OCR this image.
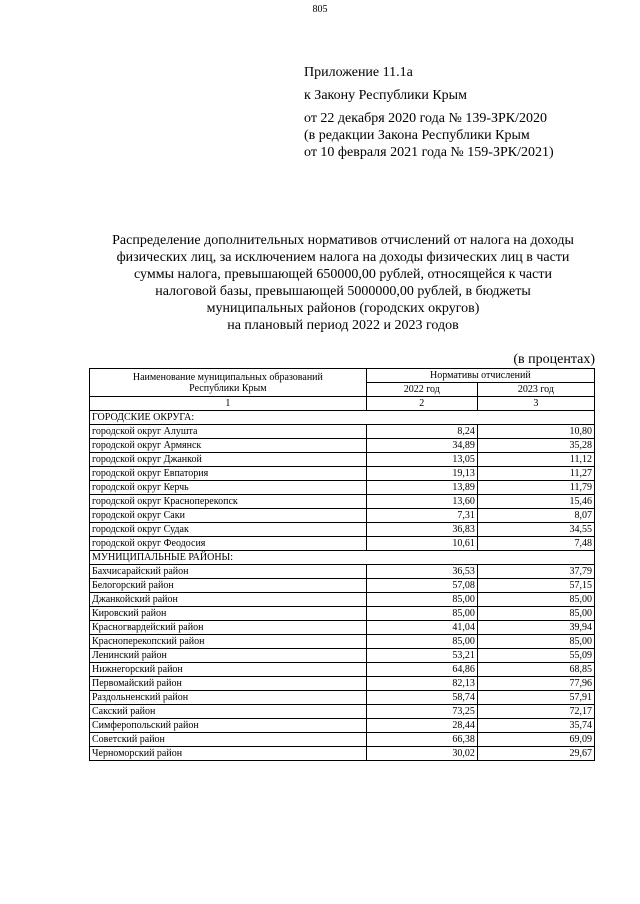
805
Приложение 11.1а
к Закону Республики Крым
от 22 декабря 2020 года № 139-ЗРК/2020
(в редакции Закона Республики Крым
от 10 февраля 2021 года № 159-ЗРК/2021)
Распределение дополнительных нормативов отчислений от налога на доходы
физических лиц, за исключением налога на доходы физических лиц в части
суммы налога, превышающей 650000,00 рублей, относящейся к части
налоговой базы, превышающей 5000000,00 рублей, в бюджеты
муниципальных районов (городских округов)
на плановый период 2022 и 2023 годов
(в процентах)
Наименование муниципальных образований
Республики Крым	Нормативы отчислений	
	2022 год	2023 год
1	2	3
ГОРОДСКИЕ ОКРУГА:		
городской округ Алушта	8,24	10,80
городской округ Армянск	34,89	35,28
городской округ Джанкой	13,05	11,12
городской округ Евпатория	19,13	11,27
городской округ Керчь	13,89	11,79
городской округ Красноперекопск	13,60	15,46
городской округ Саки	7,31	8,07
городской округ Судак	36,83	34,55
городской округ Феодосия	10,61	7,48
МУНИЦИПАЛЬНЫЕ РАЙОНЫ:		
Бахчисарайский район	36,53	37,79
Белогорский район	57,08	57,15
Джанкойский район	85,00	85,00
Кировский район	85,00	85,00
Красногвардейский район	41,04	39,94
Красноперекопский район	85,00	85,00
Ленинский район	53,21	55,09
Нижнегорский район	64,86	68,85
Первомайский район	82,13	77,96
Раздольненский район	58,74	57,91
Сакский район	73,25	72,17
Симферопольский район	28,44	35,74
Советский район	66,38	69,09
Черноморский район	30,02	29,67
